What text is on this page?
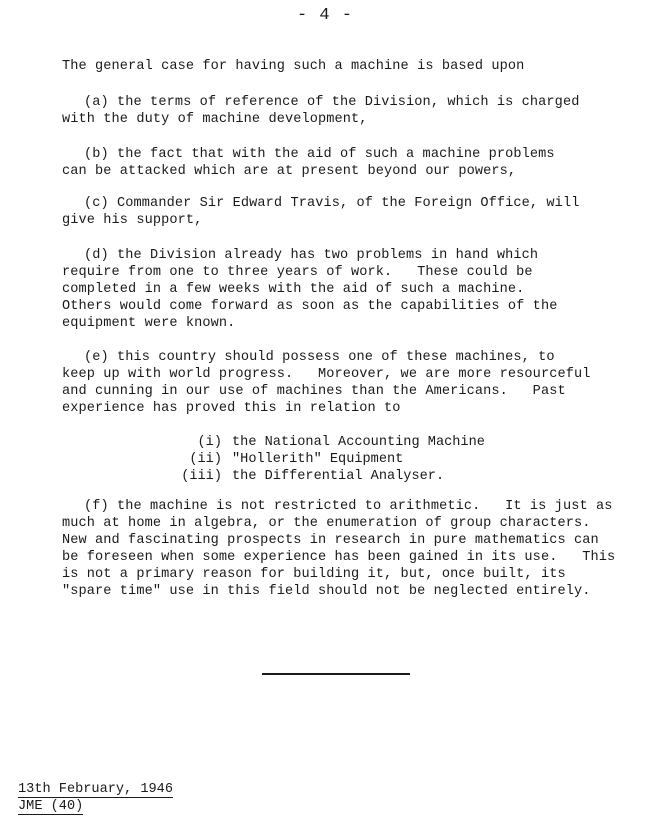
- 4 -
The general case for having such a machine is based upon
(a) the terms of reference of the Division, which is charged
with the duty of machine development,
(b) the fact that with the aid of such a machine problems
can be attacked which are at present beyond our powers,
(c) Commander Sir Edward Travis, of the Foreign Office, will
give his support,
(d) the Division already has two problems in hand which
require from one to three years of work.   These could be
completed in a few weeks with the aid of such a machine.
Others would come forward as soon as the capabilities of the
equipment were known.
(e) this country should possess one of these machines, to
keep up with world progress.   Moreover, we are more resourceful
and cunning in our use of machines than the Americans.   Past
experience has proved this in relation to
(i) the National Accounting Machine
(ii) "Hollerith" Equipment
(iii) the Differential Analyser.
(f) the machine is not restricted to arithmetic.   It is just as
much at home in algebra, or the enumeration of group characters.
New and fascinating prospects in research in pure mathematics can
be foreseen when some experience has been gained in its use.   This
is not a primary reason for building it, but, once built, its
"spare time" use in this field should not be neglected entirely.
13th February, 1946
JME (40)
